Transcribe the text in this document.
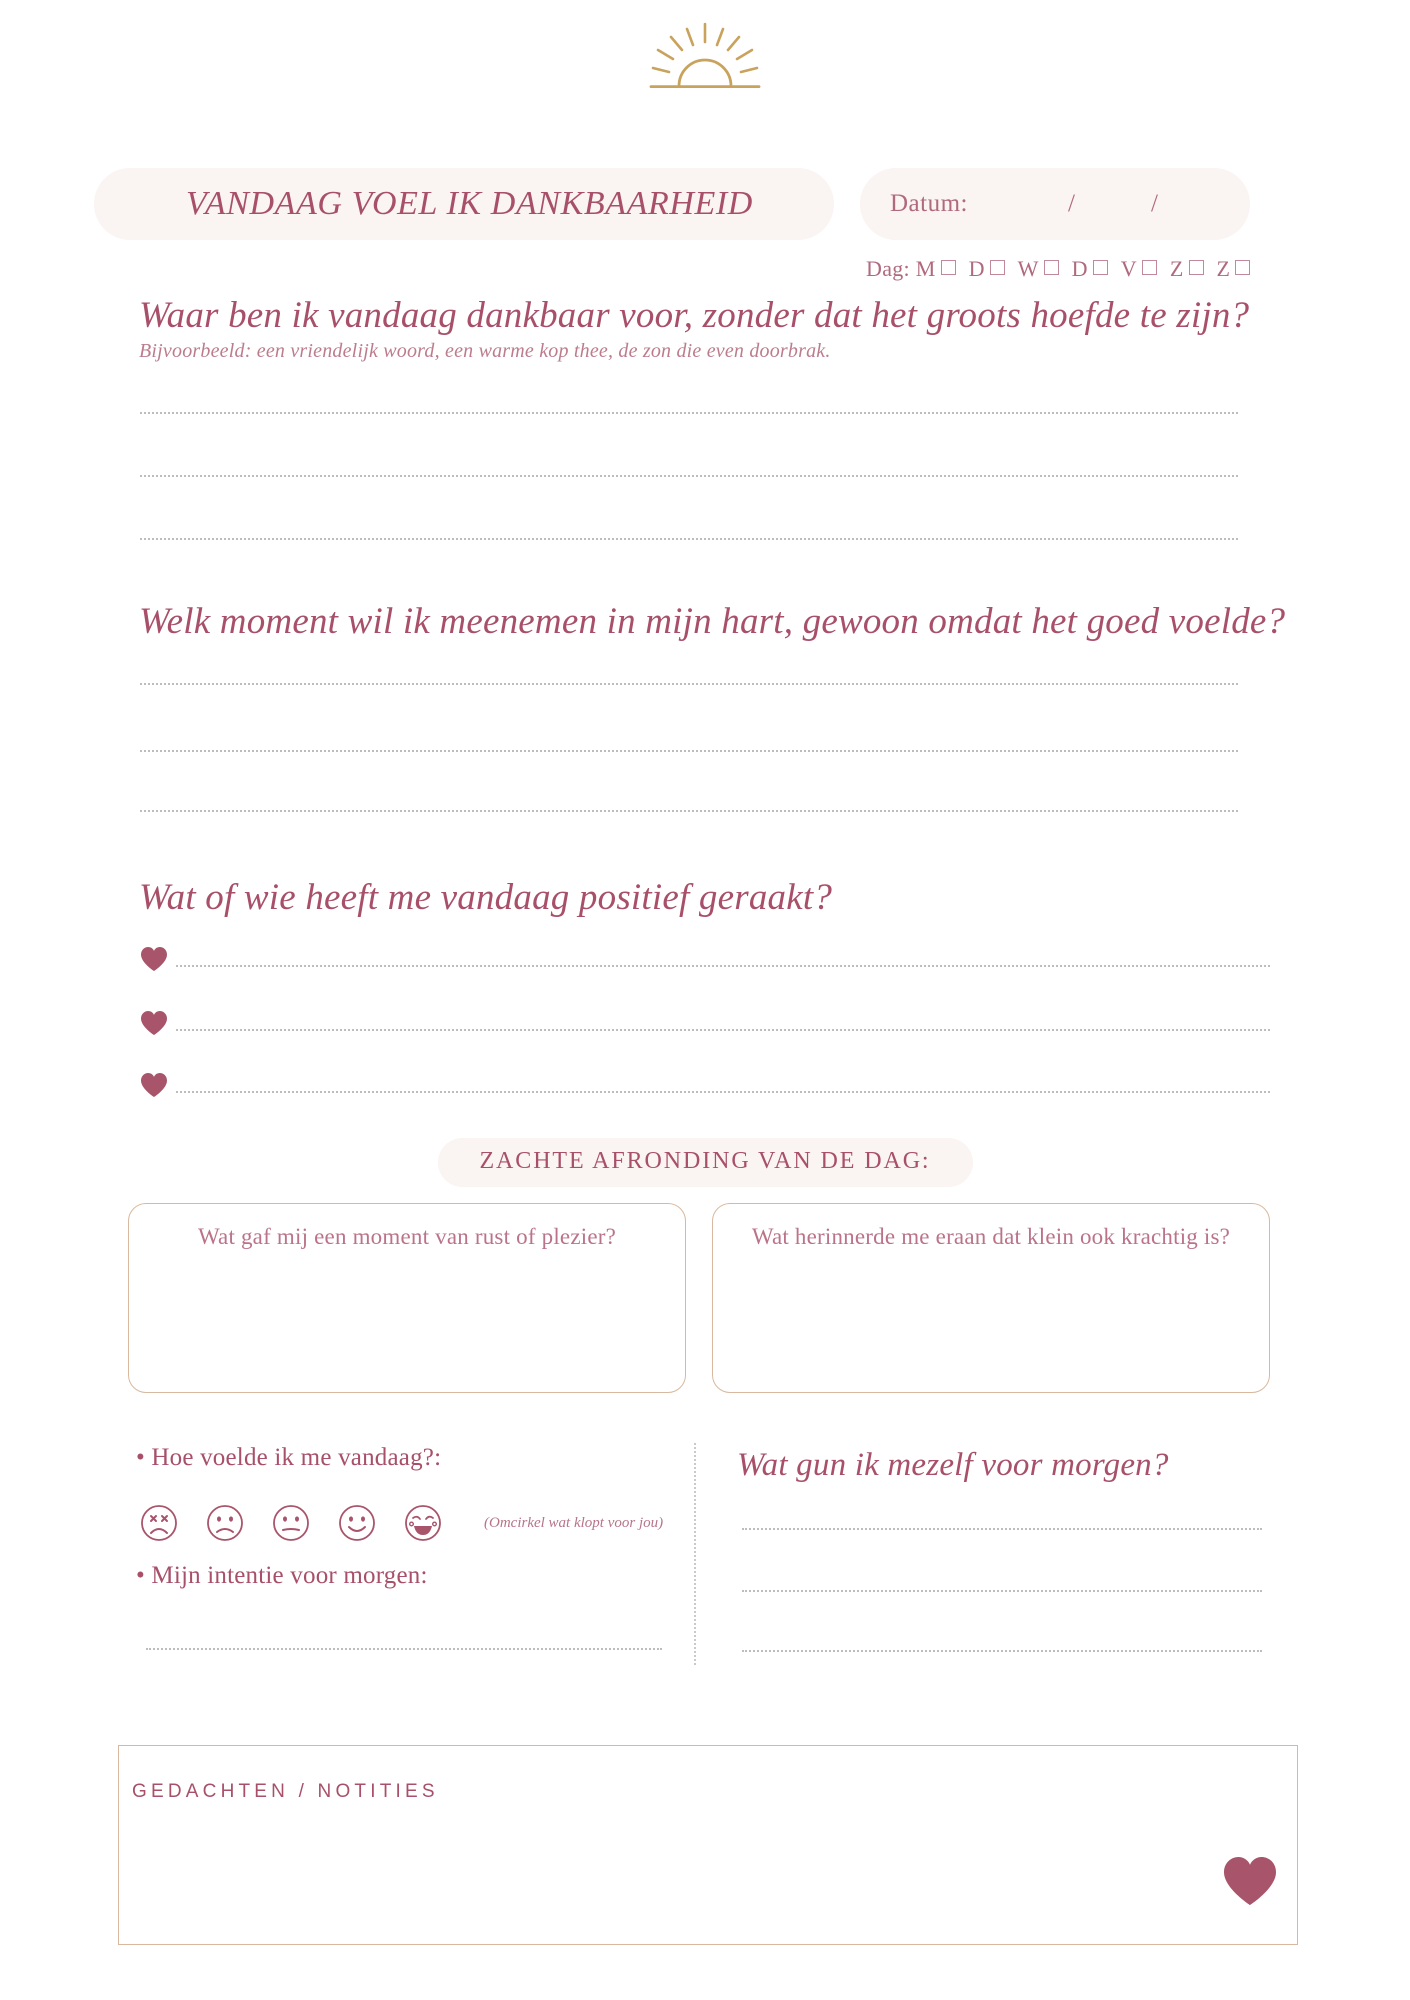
VANDAAG VOEL IK DANKBAARHEID	Datum:	/	/
Dag: M D W D V Z Z
Waar ben ik vandaag dankbaar voor, zonder dat het groots hoefde te zijn?
Bijvoorbeeld: een vriendelijk woord, een warme kop thee, de zon die even doorbrak.
Welk moment wil ik meenemen in mijn hart, gewoon omdat het goed voelde?
Wat of wie heeft me vandaag positief geraakt?
ZACHTE AFRONDING VAN DE DAG:
Wat gaf mij een moment van rust of plezier?	Wat herinnerde me eraan dat klein ook krachtig is?
• Hoe voelde ik me vandaag?:
(Omcirkel wat klopt voor jou)
• Mijn intentie voor morgen:
Wat gun ik mezelf voor morgen?
GEDACHTEN / NOTITIES
